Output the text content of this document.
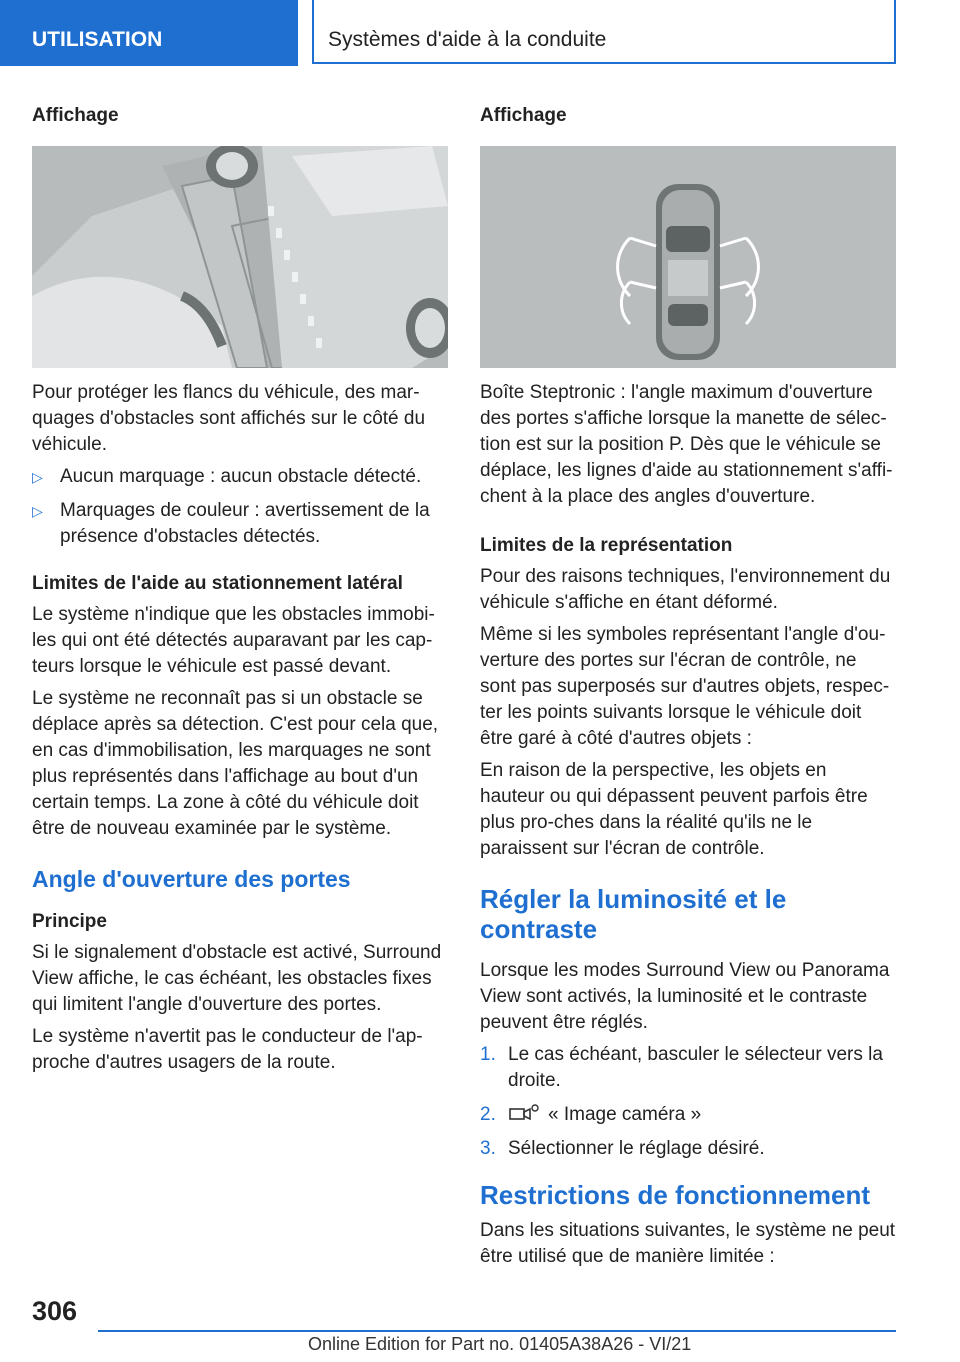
UTILISATION	Systèmes d'aide à la conduite
Affichage

Pour protéger les flancs du véhicule, des mar-quages d'obstacles sont affichés sur le côté du véhicule.

▷ Aucun marquage : aucun obstacle détecté.
▷ Marquages de couleur : avertissement de la présence d'obstacles détectés.
Limites de l'aide au stationnement latéral

Le système n'indique que les obstacles immobi-les qui ont été détectés auparavant par les cap-teurs lorsque le véhicule est passé devant.

Le système ne reconnaît pas si un obstacle se déplace après sa détection. C'est pour cela que, en cas d'immobilisation, les marquages ne sont plus représentés dans l'affichage au bout d'un certain temps. La zone à côté du véhicule doit être de nouveau examinée par le système.

Angle d'ouverture des portes
Principe

Si le signalement d'obstacle est activé, Surround View affiche, le cas échéant, les obstacles fixes qui limitent l'angle d'ouverture des portes.

Le système n'avertit pas le conducteur de l'ap-proche d'autres usagers de la route.

Affichage

Boîte Steptronic : l'angle maximum d'ouverture des portes s'affiche lorsque la manette de sélec-tion est sur la position P. Dès que le véhicule se déplace, les lignes d'aide au stationnement s'affi-chent à la place des angles d'ouverture.

Limites de la représentation

Pour des raisons techniques, l'environnement du véhicule s'affiche en étant déformé.

Même si les symboles représentant l'angle d'ou-verture des portes sur l'écran de contrôle, ne sont pas superposés sur d'autres objets, respec-ter les points suivants lorsque le véhicule doit être garé à côté d'autres objets :

En raison de la perspective, les objets en hauteur ou qui dépassent peuvent parfois être plus pro-ches dans la réalité qu'ils ne le paraissent sur l'écran de contrôle.

Régler la luminosité et le contraste

Lorsque les modes Surround View ou Panorama View sont activés, la luminosité et le contraste peuvent être réglés.

1. Le cas échéant, basculer le sélecteur vers la droite.
2.	« Image caméra »
3. Sélectionner le réglage désiré.
Restrictions de fonctionnement

Dans les situations suivantes, le système ne peut être utilisé que de manière limitée :

306
Online Edition for Part no. 01405A38A26 - VI/21
